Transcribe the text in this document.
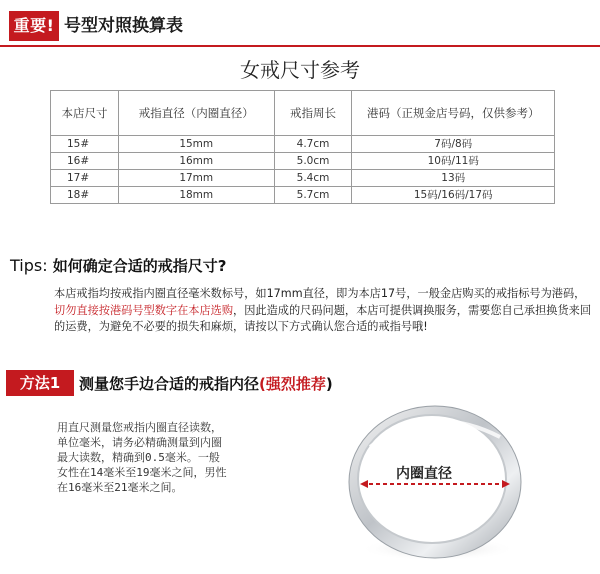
重要! 号型对照换算表
女戒尺寸参考
本店尺寸	戒指直径（内圈直径）	戒指周长	港码（正规金店号码，仅供参考）
15#	15mm	4.7cm	7码/8码
16#	16mm	5.0cm	10码/11码
17#	17mm	5.4cm	13码
18#	18mm	5.7cm	15码/16码/17码
Tips: 如何确定合适的戒指尺寸?
本店戒指均按戒指内圈直径毫米数标号，如17mm直径，即为本店17号，一般金店购买的戒指标号为港码，切勿直接按港码号型数字在本店选购，因此造成的尺码问题，本店可提供调换服务，需要您自己承担换货来回的运费，为避免不必要的损失和麻烦，请按以下方式确认您合适的戒指号哦!
方法1	测量您手边合适的戒指内径(强烈推荐)
用直尺测量您戒指内圈直径读数，单位毫米，请务必精确测量到内圈最大读数，精确到0.5毫米。一般女性在14毫米至19毫米之间，男性在16毫米至21毫米之间。
内圈直径
